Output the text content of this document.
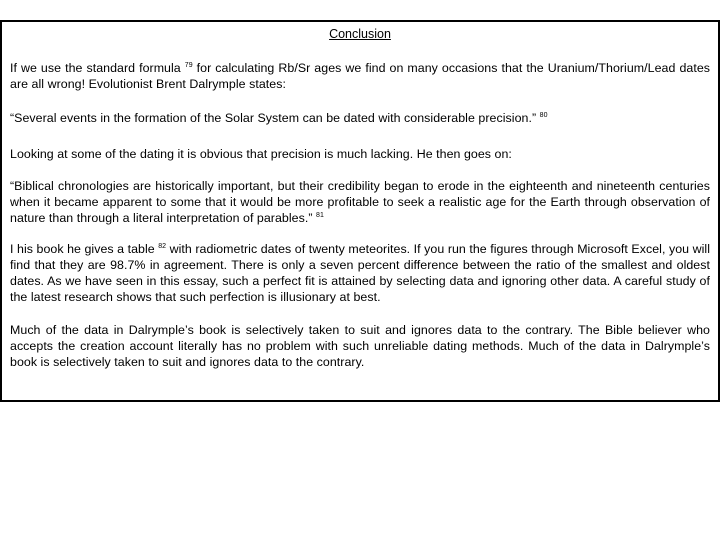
Conclusion

If we use the standard formula $^{79}$ for calculating Rb/Sr ages we find on many occasions that the Uranium/Thorium/Lead dates are all wrong! Evolutionist Brent Dalrymple states:

“Several events in the formation of the Solar System can be dated with considerable precision.” $^{80}$

Looking at some of the dating it is obvious that precision is much lacking. He then goes on:

“Biblical chronologies are historically important, but their credibility began to erode in the eighteenth and nineteenth centuries when it became apparent to some that it would be more profitable to seek a realistic age for the Earth through observation of nature than through a literal interpretation of parables.” $^{81}$

I his book he gives a table $^{82}$ with radiometric dates of twenty meteorites. If you run the figures through Microsoft Excel, you will find that they are 98.7% in agreement. There is only a seven percent difference between the ratio of the smallest and oldest dates. As we have seen in this essay, such a perfect fit is attained by selecting data and ignoring other data. A careful study of the latest research shows that such perfection is illusionary at best.

Much of the data in Dalrymple’s book is selectively taken to suit and ignores data to the contrary. The Bible believer who accepts the creation account literally has no problem with such unreliable dating methods. Much of the data in Dalrymple’s book is selectively taken to suit and ignores data to the contrary.
